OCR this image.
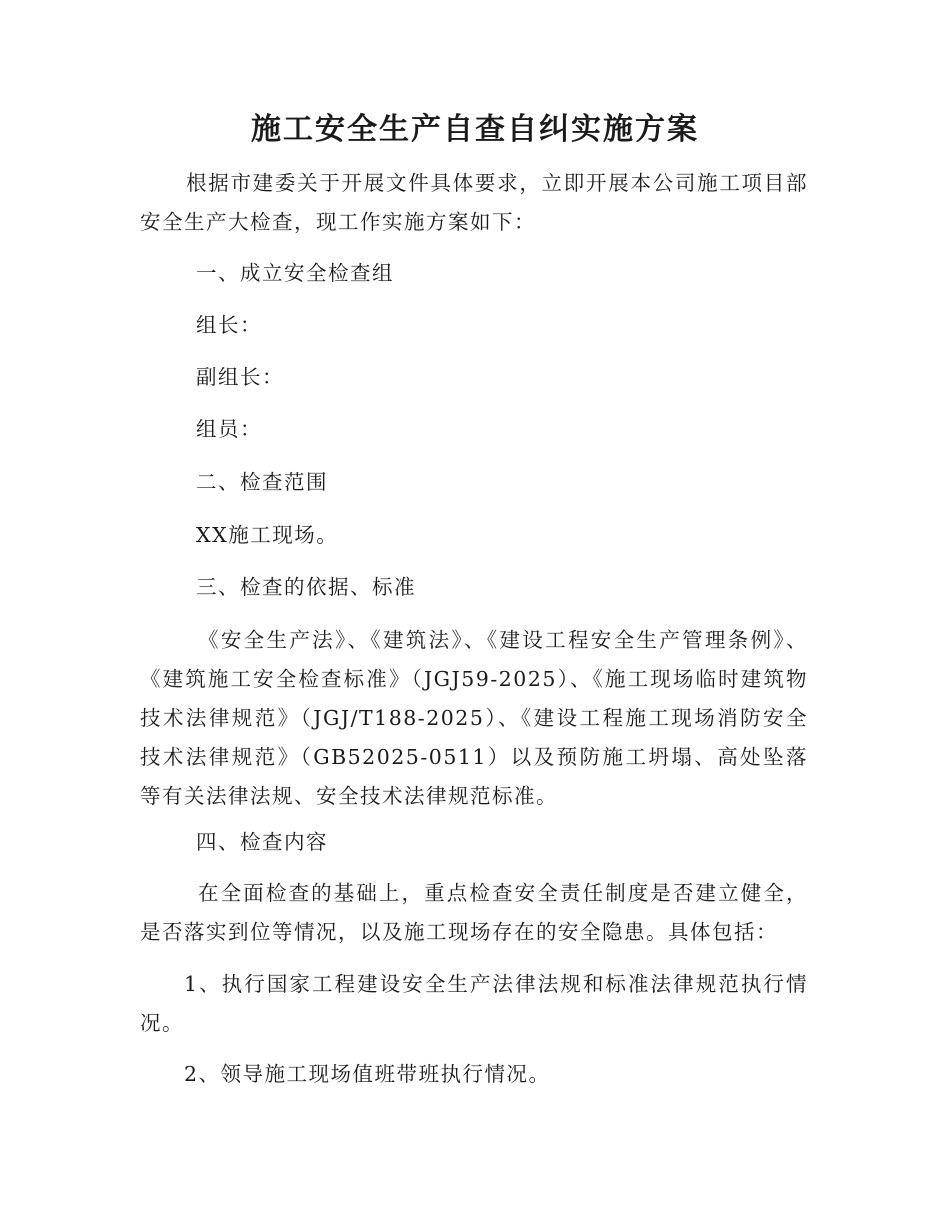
施工安全生产自查自纠实施方案

根据市建委关于开展文件具体要求，立即开展本公司施工项目部安全生产大检查，现工作实施方案如下：

一、成立安全检查组
组长：
副组长：
组员：
二、检查范围
XX施工现场。
三、检查的依据、标准

《安全生产法》、《建筑法》、《建设工程安全生产管理条例》、《建筑施工安全检查标准》（JGJ59-2025）、《施工现场临时建筑物技术法律规范》（JGJ/T188-2025）、《建设工程施工现场消防安全技术法律规范》（GB52025-0511）以及预防施工坍塌、高处坠落等有关法律法规、安全技术法律规范标准。

四、检查内容

在全面检查的基础上，重点检查安全责任制度是否建立健全，是否落实到位等情况，以及施工现场存在的安全隐患。具体包括：

1、执行国家工程建设安全生产法律法规和标准法律规范执行情况。

2、领导施工现场值班带班执行情况。
